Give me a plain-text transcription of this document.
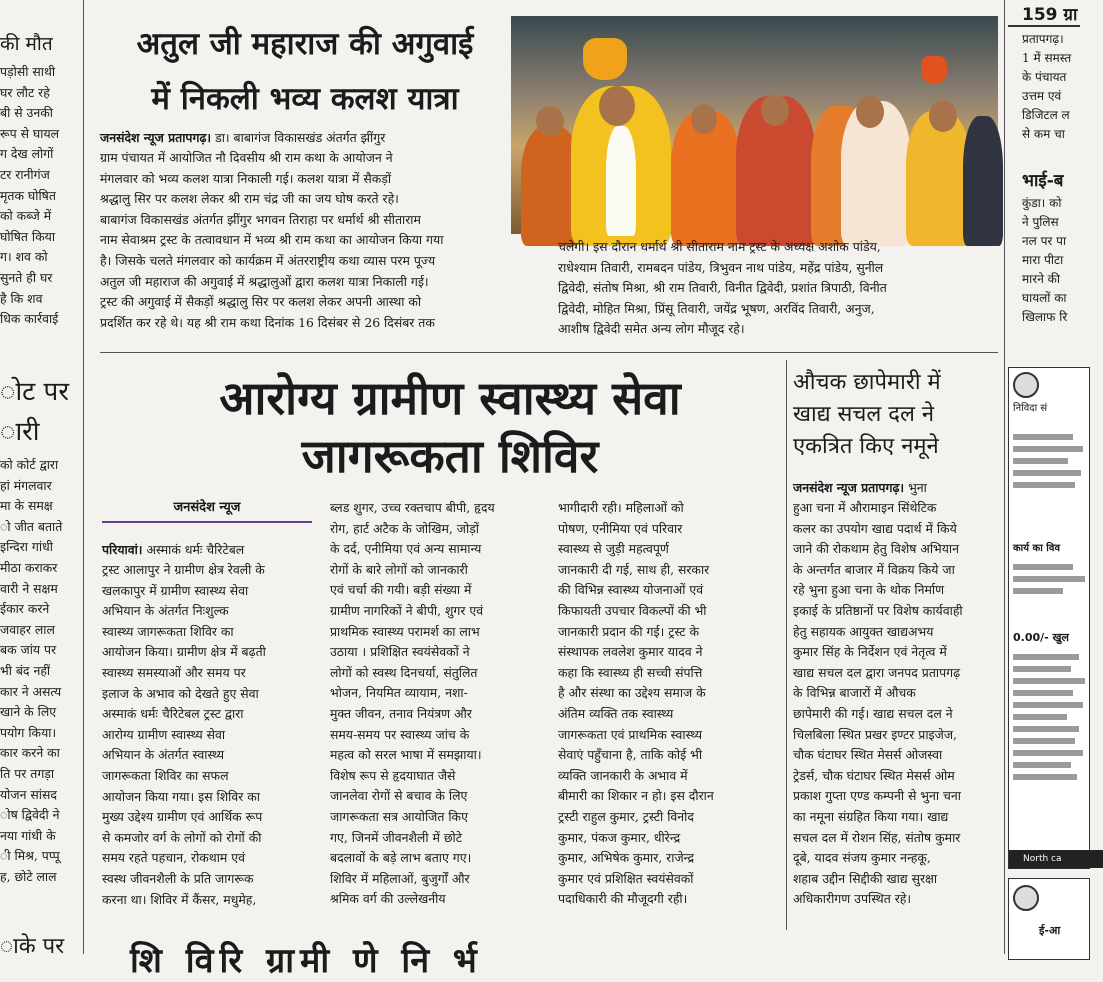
की मौत
पड़ोसी साथी
घर लौट रहे
बी से उनकी
रूप से घायल
ग देख लोगों
टर रानीगंज
मृतक घोषित
को कब्जे में
घोषित किया
ग। शव को
सुनते ही घर
है कि शव
धिक कार्रवाई
ोट पर
ारी
को कोर्ट द्वारा
हां मंगलवार
मा के समक्ष
ो जीत बताते
इन्दिरा गांधी
मीठा कराकर
वारी ने सक्षम
ईकार करने
जवाहर लाल
बक जांय पर
भी बंद नहीं
कार ने असत्य
खाने के लिए
पयोग किया।
कार करने का
ति पर तगड़ा
योजन सांसद
ोष द्विवेदी ने
नया गांधी के
ी मिश्र, पप्पू
ह, छोटे लाल
ाके पर
अतुल जी महाराज की अगुवाई
में निकली भव्य कलश यात्रा
जनसंदेश न्यूज प्रतापगढ़। डा। बाबागंज विकासखंड अंतर्गत झींगुर
ग्राम पंचायत में आयोजित नौ दिवसीय श्री राम कथा के आयोजन ने
मंगलवार को भव्य कलश यात्रा निकाली गई। कलश यात्रा में सैकड़ों
श्रद्धालु सिर पर कलश लेकर श्री राम चंद्र जी का जय घोष करते रहे।
बाबागंज विकासखंड अंतर्गत झींगुर भगवन तिराहा पर धर्मार्थ श्री सीताराम
नाम सेवाश्रम ट्रस्ट के तत्वावधान में भव्य श्री राम कथा का आयोजन किया गया
है। जिसके चलते मंगलवार को कार्यक्रम में अंतरराष्ट्रीय कथा व्यास परम पूज्य
अतुल जी महाराज की अगुवाई में श्रद्धालुओं द्वारा कलश यात्रा निकाली गई।
ट्रस्ट की अगुवाई में सैकड़ों श्रद्धालु सिर पर कलश लेकर अपनी आस्था को
प्रदर्शित कर रहे थे। यह श्री राम कथा दिनांक 16 दिसंबर से 26 दिसंबर तक
चलेगी। इस दौरान धर्मार्थ श्री सीताराम नाम ट्रस्ट के अध्यक्ष अशोक पांडेय,
राधेश्याम तिवारी, रामबदन पांडेय, त्रिभुवन नाथ पांडेय, महेंद्र पांडेय, सुनील
द्विवेदी, संतोष मिश्रा, श्री राम तिवारी, विनीत द्विवेदी, प्रशांत त्रिपाठी, विनीत
द्विवेदी, मोहित मिश्रा, प्रिंसू तिवारी, जयेंद्र भूषण, अरविंद तिवारी, अनुज,
आशीष द्विवेदी समेत अन्य लोग मौजूद रहे।
आरोग्य ग्रामीण स्वास्थ्य सेवा
जागरूकता शिविर
जनसंदेश न्यूज
परियावां। अस्माकं धर्मः चैरिटेबल
ट्रस्ट आलापुर ने ग्रामीण क्षेत्र रेवली के
खलकापुर में ग्रामीण स्वास्थ्य सेवा
अभियान के अंतर्गत निःशुल्क
स्वास्थ्य जागरूकता शिविर का
आयोजन किया। ग्रामीण क्षेत्र में बढ़ती
स्वास्थ्य समस्याओं और समय पर
इलाज के अभाव को देखते हुए सेवा
अस्माकं धर्मः चैरिटेबल ट्रस्ट द्वारा
आरोग्य ग्रामीण स्वास्थ्य सेवा
अभियान के अंतर्गत स्वास्थ्य
जागरूकता शिविर का सफल
आयोजन किया गया। इस शिविर का
मुख्य उद्देश्य ग्रामीण एवं आर्थिक रूप
से कमजोर वर्ग के लोगों को रोगों की
समय रहते पहचान, रोकथाम एवं
स्वस्थ जीवनशैली के प्रति जागरूक
करना था। शिविर में कैंसर, मधुमेह,
ब्लड शुगर, उच्च रक्तचाप बीपी, हृदय
रोग, हार्ट अटैक के जोखिम, जोड़ों
के दर्द, एनीमिया एवं अन्य सामान्य
रोगों के बारे लोगों को जानकारी
एवं चर्चा की गयी। बड़ी संख्या में
ग्रामीण नागरिकों ने बीपी, शुगर एवं
प्राथमिक स्वास्थ्य परामर्श का लाभ
उठाया । प्रशिक्षित स्वयंसेवकों ने
लोगों को स्वस्थ दिनचर्या, संतुलित
भोजन, नियमित व्यायाम, नशा-
मुक्त जीवन, तनाव नियंत्रण और
समय-समय पर स्वास्थ्य जांच के
महत्व को सरल भाषा में समझाया।
विशेष रूप से हृदयाघात जैसे
जानलेवा रोगों से बचाव के लिए
जागरूकता सत्र आयोजित किए
गए, जिनमें जीवनशैली में छोटे
बदलावों के बड़े लाभ बताए गए।
शिविर में महिलाओं, बुजुर्गों और
श्रमिक वर्ग की उल्लेखनीय
भागीदारी रही। महिलाओं को
पोषण, एनीमिया एवं परिवार
स्वास्थ्य से जुड़ी महत्वपूर्ण
जानकारी दी गई, साथ ही, सरकार
की विभिन्न स्वास्थ्य योजनाओं एवं
किफायती उपचार विकल्पों की भी
जानकारी प्रदान की गई। ट्रस्ट के
संस्थापक लवलेश कुमार यादव ने
कहा कि स्वास्थ्य ही सच्ची संपत्ति
है और संस्था का उद्देश्य समाज के
अंतिम व्यक्ति तक स्वास्थ्य
जागरूकता एवं प्राथमिक स्वास्थ्य
सेवाएं पहुँचाना है, ताकि कोई भी
व्यक्ति जानकारी के अभाव में
बीमारी का शिकार न हो। इस दौरान
ट्रस्टी राहुल कुमार, ट्रस्टी विनोद
कुमार, पंकज कुमार, धीरेन्द्र
कुमार, अभिषेक कुमार, राजेन्द्र
कुमार एवं प्रशिक्षित स्वयंसेवकों
पदाधिकारी की मौजूदगी रही।
औचक छापेमारी में
खाद्य सचल दल ने
एकत्रित किए नमूने
जनसंदेश न्यूज प्रतापगढ़। भुना
हुआ चना में औरामाइन सिंथेटिक
कलर का उपयोग खाद्य पदार्थ में किये
जाने की रोकथाम हेतु विशेष अभियान
के अन्तर्गत बाजार में विक्रय किये जा
रहे भुना हुआ चना के थोक निर्माण
इकाई के प्रतिष्ठानों पर विशेष कार्यवाही
हेतु सहायक आयुक्त खाद्यअभय
कुमार सिंह के निर्देशन एवं नेतृत्व में
खाद्य सचल दल द्वारा जनपद प्रतापगढ़
के विभिन्न बाजारों में औचक
छापेमारी की गई। खाद्य सचल दल ने
चिलबिला स्थित प्रखर इण्टर प्राइजेज,
चौक घंटाघर स्थित मेसर्स ओजस्वा
ट्रेडर्स, चौक घंटाघर स्थित मेसर्स ओम
प्रकाश गुप्ता एण्ड कम्पनी से भुना चना
का नमूना संग्रहित किया गया। खाद्य
सचल दल में रोशन सिंह, संतोष कुमार
दूबे, यादव संजय कुमार नन्हकू,
शहाब उद्दीन सिद्दीकी खाद्य सुरक्षा
अधिकारीगण उपस्थित रहे।
159 ग्रा
प्रतापगढ़।
1 में समस्त
के पंचायत
उत्तम एवं
डिजिटल ल
से कम चा
भाई-ब
कुंडा। को
ने पुलिस
नल पर पा
मारा पीटा
मारने की
घायलों का
खिलाफ रि
निविदा सं
कार्य का विव
0.00/- खुल
North ca
ई-आ
शि विरि ग्रामी णे नि र्भ
